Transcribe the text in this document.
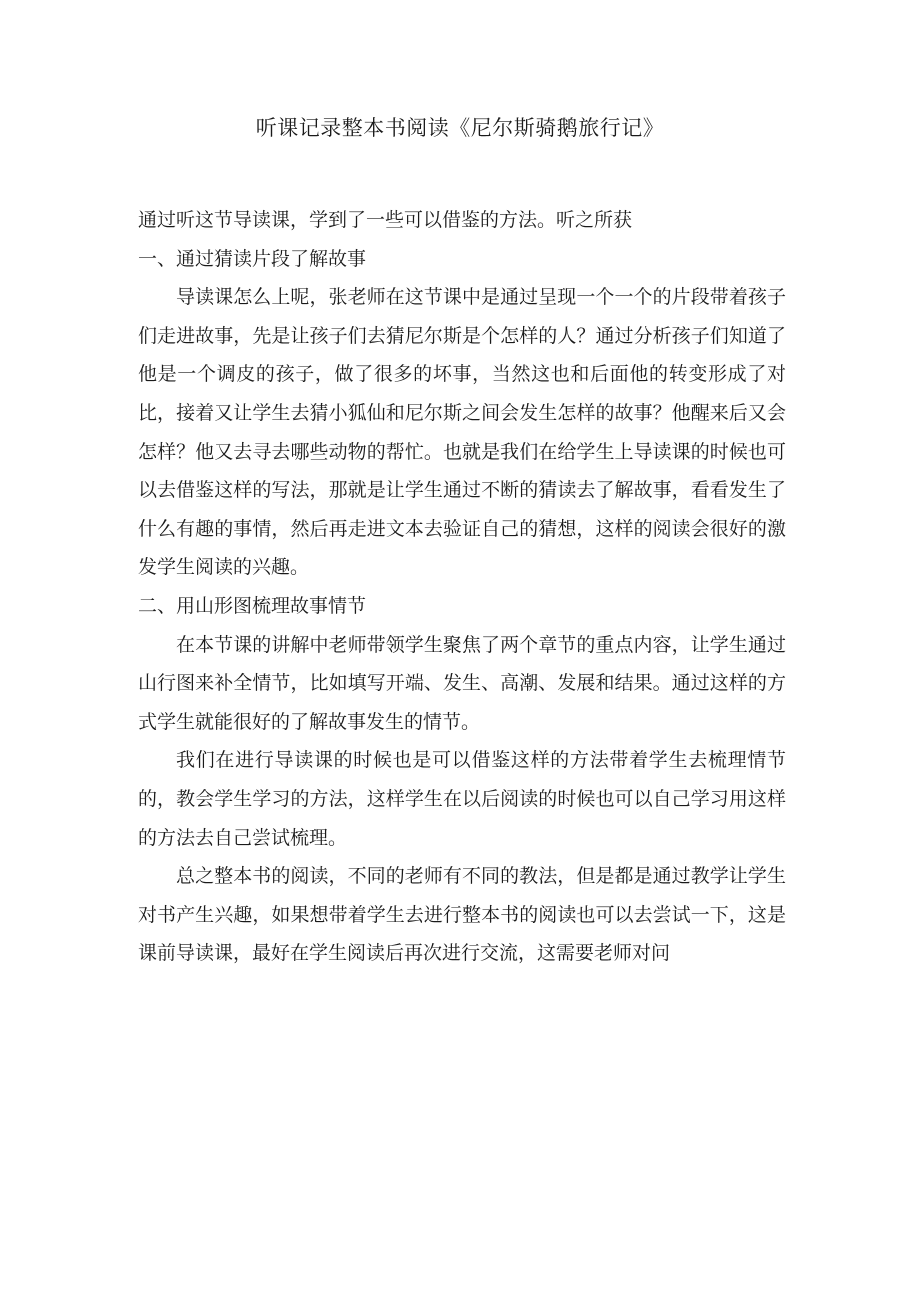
听课记录整本书阅读《尼尔斯骑鹅旅行记》

通过听这节导读课，学到了一些可以借鉴的方法。听之所获

一、通过猜读片段了解故事

导读课怎么上呢，张老师在这节课中是通过呈现一个一个的片段带着孩子们走进故事，先是让孩子们去猜尼尔斯是个怎样的人？通过分析孩子们知道了他是一个调皮的孩子，做了很多的坏事，当然这也和后面他的转变形成了对比，接着又让学生去猜小狐仙和尼尔斯之间会发生怎样的故事？他醒来后又会怎样？他又去寻去哪些动物的帮忙。也就是我们在给学生上导读课的时候也可以去借鉴这样的写法，那就是让学生通过不断的猜读去了解故事，看看发生了什么有趣的事情，然后再走进文本去验证自己的猜想，这样的阅读会很好的激发学生阅读的兴趣。

二、用山形图梳理故事情节

在本节课的讲解中老师带领学生聚焦了两个章节的重点内容，让学生通过山行图来补全情节，比如填写开端、发生、高潮、发展和结果。通过这样的方式学生就能很好的了解故事发生的情节。

我们在进行导读课的时候也是可以借鉴这样的方法带着学生去梳理情节的，教会学生学习的方法，这样学生在以后阅读的时候也可以自己学习用这样的方法去自己尝试梳理。

总之整本书的阅读，不同的老师有不同的教法，但是都是通过教学让学生对书产生兴趣，如果想带着学生去进行整本书的阅读也可以去尝试一下，这是课前导读课，最好在学生阅读后再次进行交流，这需要老师对问
